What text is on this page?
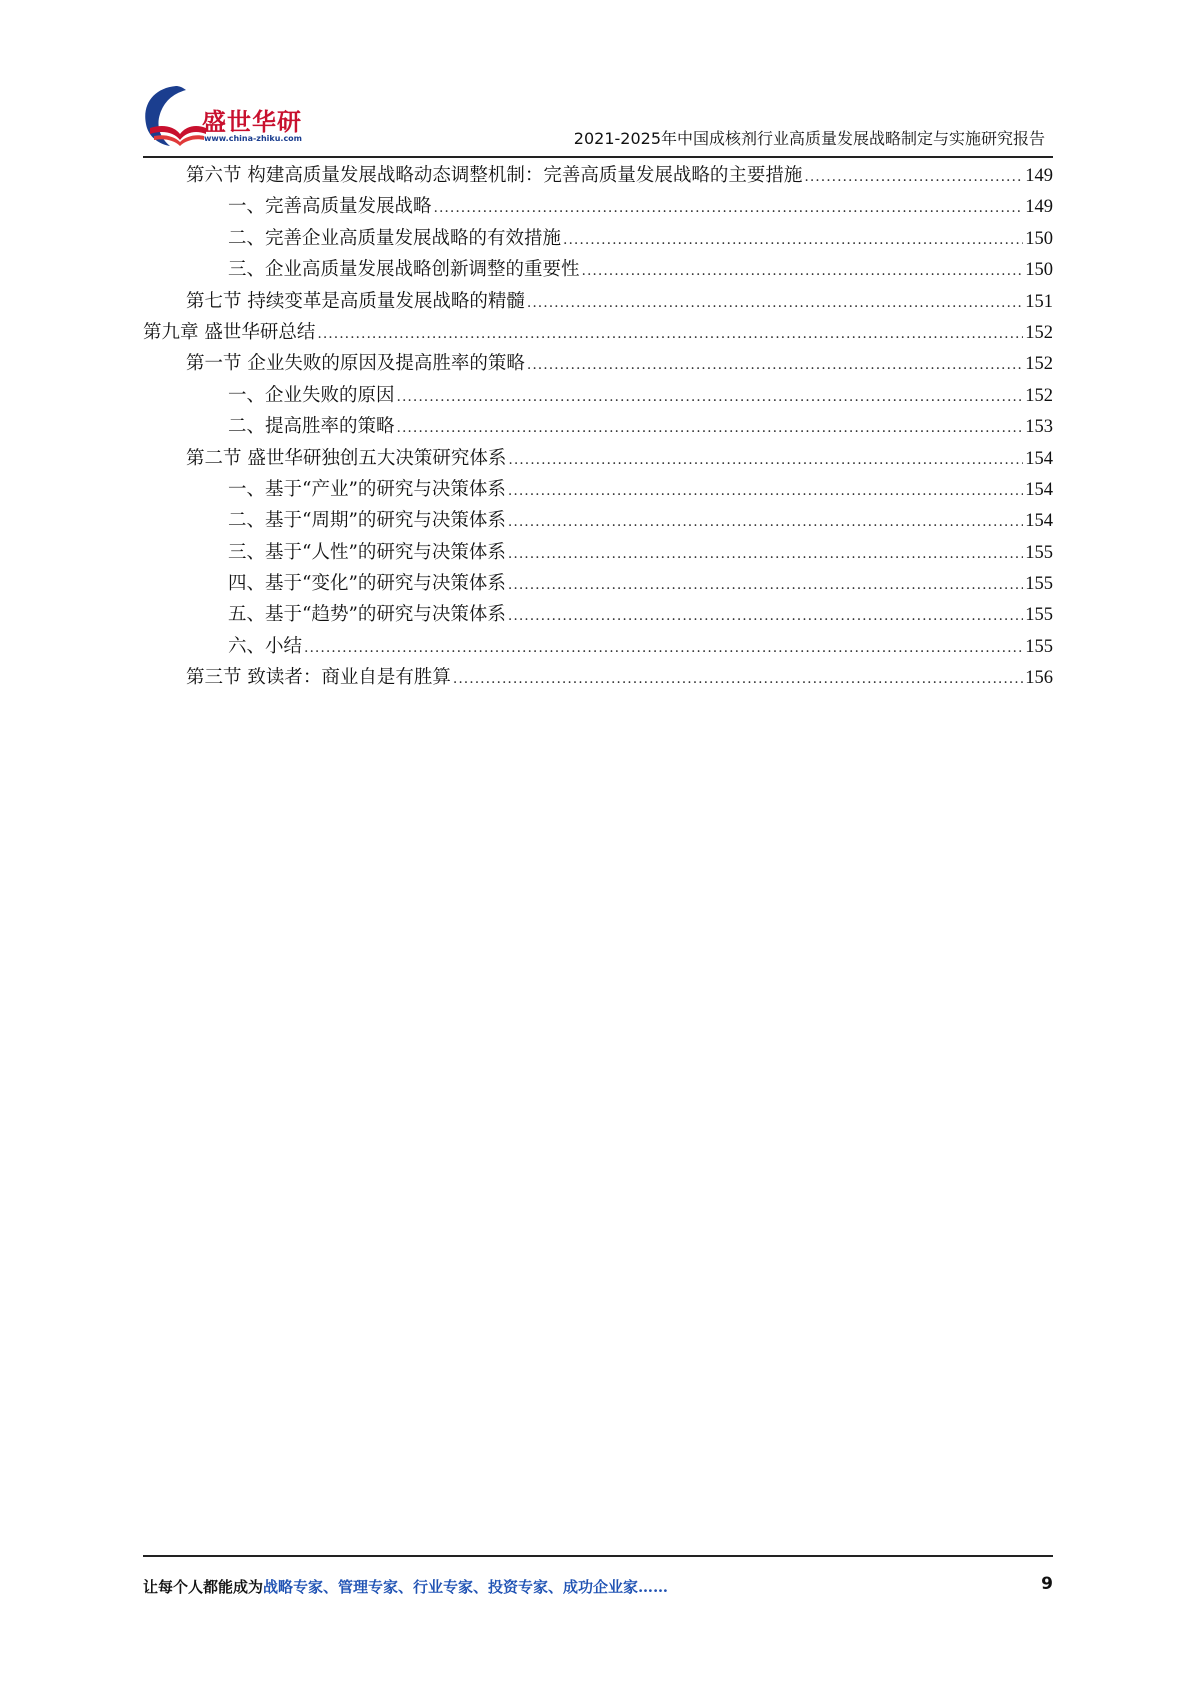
盛世华研
www.china-zhiku.com	2021-2025年中国成核剂行业高质量发展战略制定与实施研究报告
第六节 构建高质量发展战略动态调整机制：完善高质量发展战略的主要措施 .....	149
一、完善高质量发展战略 .....	149
二、完善企业高质量发展战略的有效措施 .....	150
三、企业高质量发展战略创新调整的重要性 .....	150
第七节 持续变革是高质量发展战略的精髓 .....	151
第九章 盛世华研总结 .....	152
第一节 企业失败的原因及提高胜率的策略 .....	152
一、企业失败的原因 .....	152
二、提高胜率的策略 .....	153
第二节 盛世华研独创五大决策研究体系 .....	154
一、基于“产业”的研究与决策体系 .....	154
二、基于“周期”的研究与决策体系 .....	154
三、基于“人性”的研究与决策体系 .....	155
四、基于“变化”的研究与决策体系 .....	155
五、基于“趋势”的研究与决策体系 .....	155
六、小结 .....	155
第三节 致读者：商业自是有胜算 .....	156
让每个人都能成为战略专家、管理专家、行业专家、投资专家、成功企业家……	9
